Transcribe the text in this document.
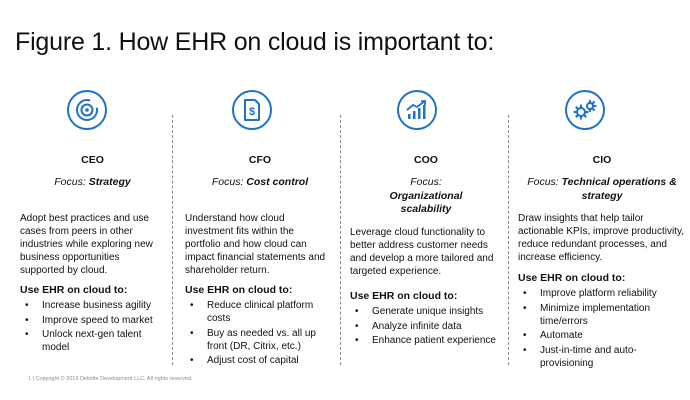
Figure 1. How EHR on cloud is important to:
CEO
Focus: Strategy
Adopt best practices and use cases from peers in other industries while exploring new business opportunities supported by cloud.
Use EHR on cloud to:
• Increase business agility
• Improve speed to market
• Unlock next-gen talent model
$
CFO
Focus: Cost control
Understand how cloud investment fits within the portfolio and how cloud can impact financial statements and shareholder return.
Use EHR on cloud to:
• Reduce clinical platform costs
• Buy as needed vs. all up front (DR, Citrix, etc.)
• Adjust cost of capital
COO
Focus: Organizational scalability
Leverage cloud functionality to better address customer needs and develop a more tailored and targeted experience.
Use EHR on cloud to:
• Generate unique insights
• Analyze infinite data
• Enhance patient experience
CIO
Focus: Technical operations & strategy
Draw insights that help tailor actionable KPIs, improve productivity, reduce redundant processes, and increase efficiency.
Use EHR on cloud to:
• Improve platform reliability
• Minimize implementation time/errors
• Automate
• Just-in-time and auto-provisioning
1 | Copyright © 2019 Deloitte Development LLC. All rights reserved.
